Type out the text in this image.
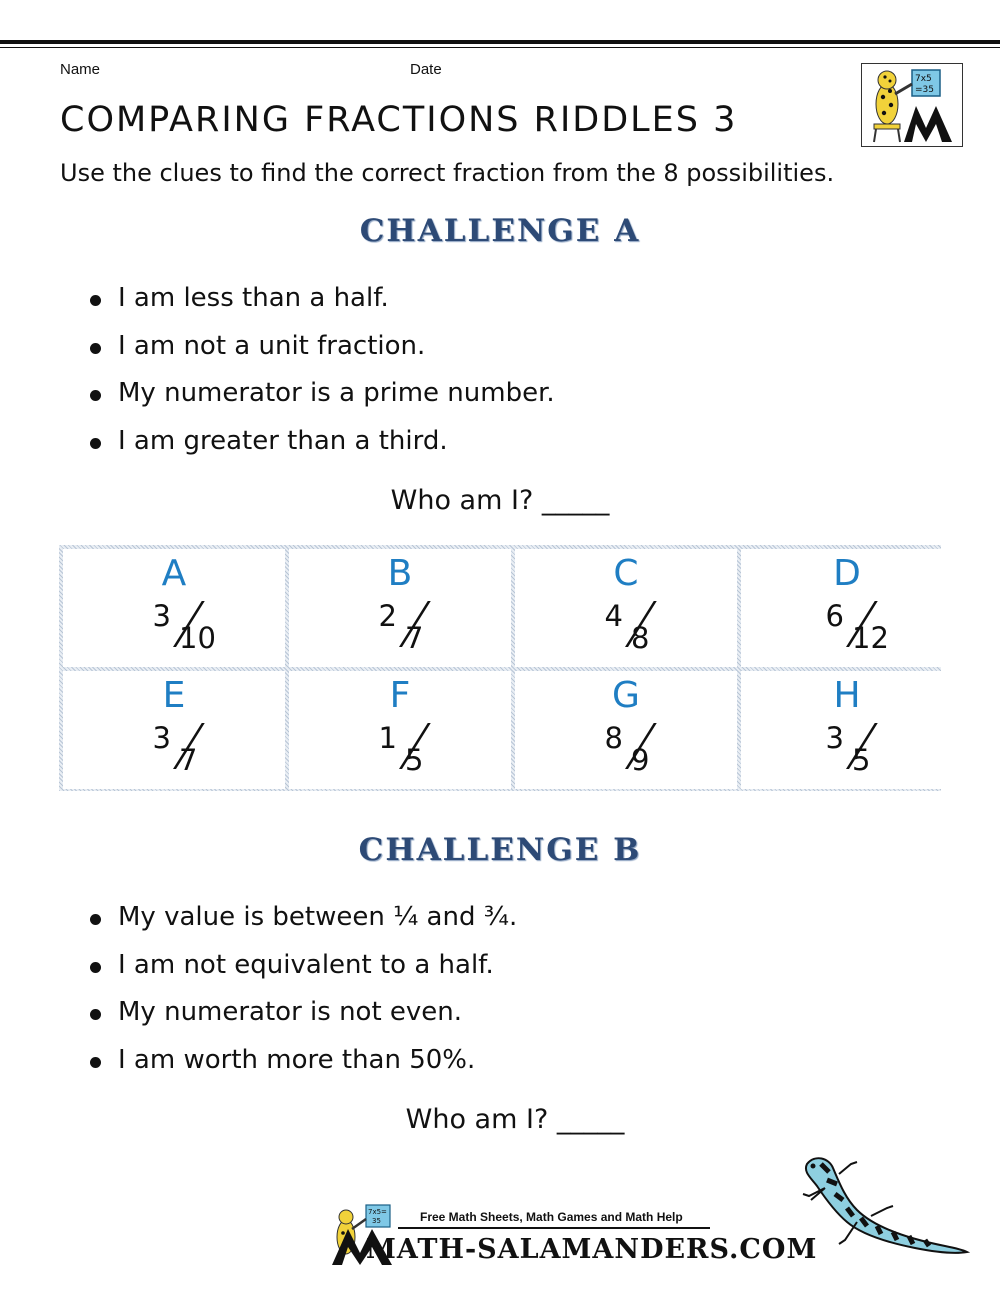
Name	Date
COMPARING FRACTIONS RIDDLES 3
Use the clues to find the correct fraction from the 8 possibilities.
7x5
=35
CHALLENGE A
I am less than a half.
I am not a unit fraction.
My numerator is a prime number.
I am greater than a third.
Who am I? _____
A
3
10
B
2
7
C
4
8
D
6
12
E
3
7
F
1
5
G
8
9
H
3
5
CHALLENGE B
My value is between ¼ and ¾.
I am not equivalent to a half.
My numerator is not even.
I am worth more than 50%.
Who am I? _____
7x5=
35	Free Math Sheets, Math Games and Math Help
MATH-SALAMANDERS.COM
